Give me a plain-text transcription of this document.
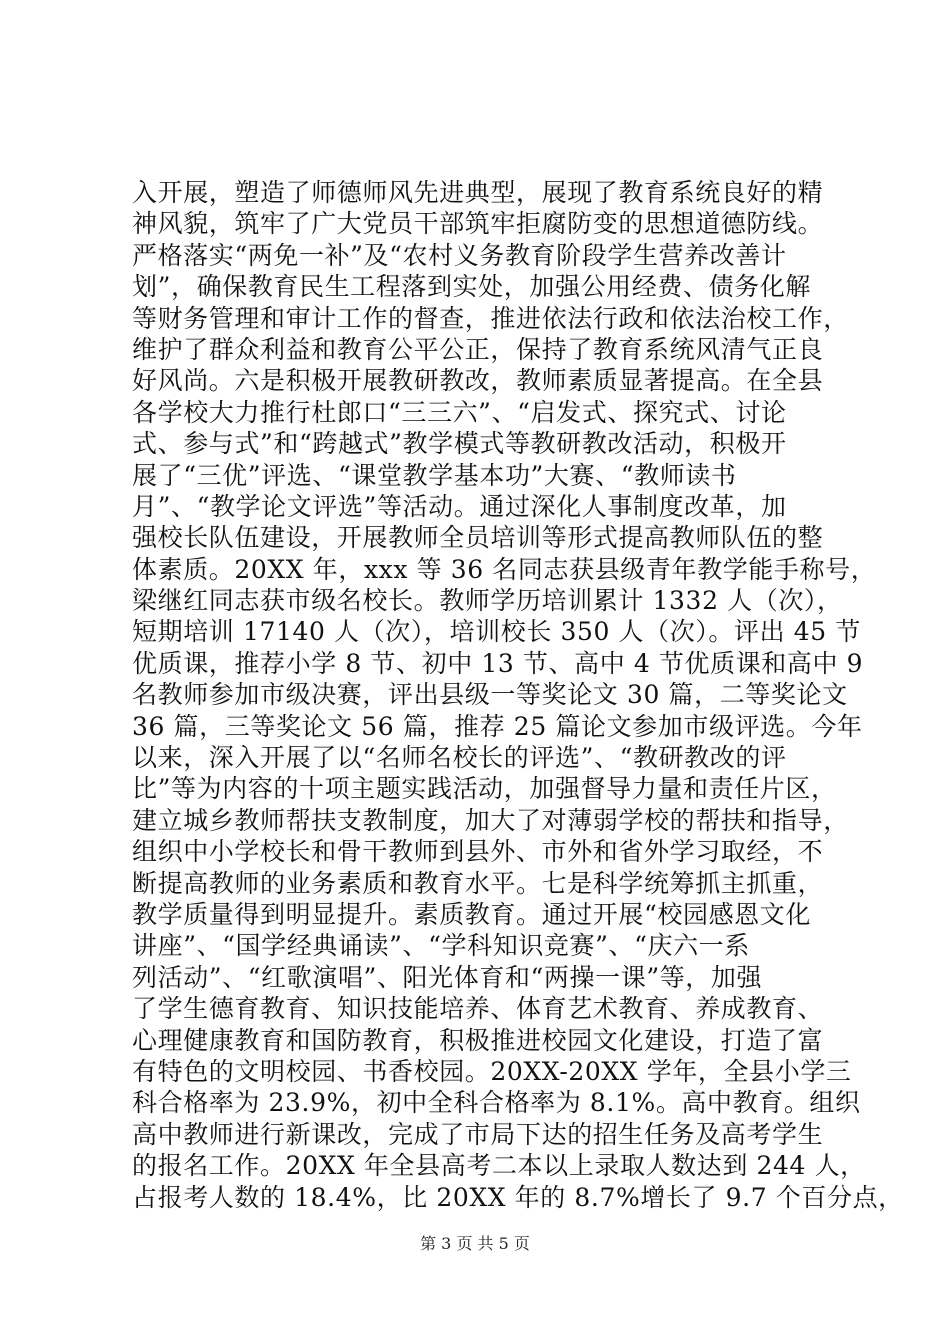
入开展，塑造了师德师风先进典型，展现了教育系统良好的精
神风貌，筑牢了广大党员干部筑牢拒腐防变的思想道德防线。
严格落实“两免一补”及“农村义务教育阶段学生营养改善计
划”，确保教育民生工程落到实处，加强公用经费、债务化解
等财务管理和审计工作的督查，推进依法行政和依法治校工作，
维护了群众利益和教育公平公正，保持了教育系统风清气正良
好风尚。六是积极开展教研教改，教师素质显著提高。在全县
各学校大力推行杜郎口“三三六”、“启发式、探究式、讨论
式、参与式”和“跨越式”教学模式等教研教改活动，积极开
展了“三优”评选、“课堂教学基本功”大赛、“教师读书
月”、“教学论文评选”等活动。通过深化人事制度改革，加
强校长队伍建设，开展教师全员培训等形式提高教师队伍的整
体素质。20XX 年，xxx 等 36 名同志获县级青年教学能手称号，
梁继红同志获市级名校长。教师学历培训累计 1332 人（次），
短期培训 17140 人（次），培训校长 350 人（次）。评出 45 节
优质课，推荐小学 8 节、初中 13 节、高中 4 节优质课和高中 9
名教师参加市级决赛，评出县级一等奖论文 30 篇，二等奖论文
36 篇，三等奖论文 56 篇，推荐 25 篇论文参加市级评选。今年
以来，深入开展了以“名师名校长的评选”、“教研教改的评
比”等为内容的十项主题实践活动，加强督导力量和责任片区，
建立城乡教师帮扶支教制度，加大了对薄弱学校的帮扶和指导，
组织中小学校长和骨干教师到县外、市外和省外学习取经，不
断提高教师的业务素质和教育水平。七是科学统筹抓主抓重，
教学质量得到明显提升。素质教育。通过开展“校园感恩文化
讲座”、“国学经典诵读”、“学科知识竞赛”、“庆六一系
列活动”、“红歌演唱”、阳光体育和“两操一课”等，加强
了学生德育教育、知识技能培养、体育艺术教育、养成教育、
心理健康教育和国防教育，积极推进校园文化建设，打造了富
有特色的文明校园、书香校园。20XX-20XX 学年，全县小学三
科合格率为 23.9%，初中全科合格率为 8.1%。高中教育。组织
高中教师进行新课改，完成了市局下达的招生任务及高考学生
的报名工作。20XX 年全县高考二本以上录取人数达到 244 人，
占报考人数的 18.4%，比 20XX 年的 8.7%增长了 9.7 个百分点，
第 3 页 共 5 页
